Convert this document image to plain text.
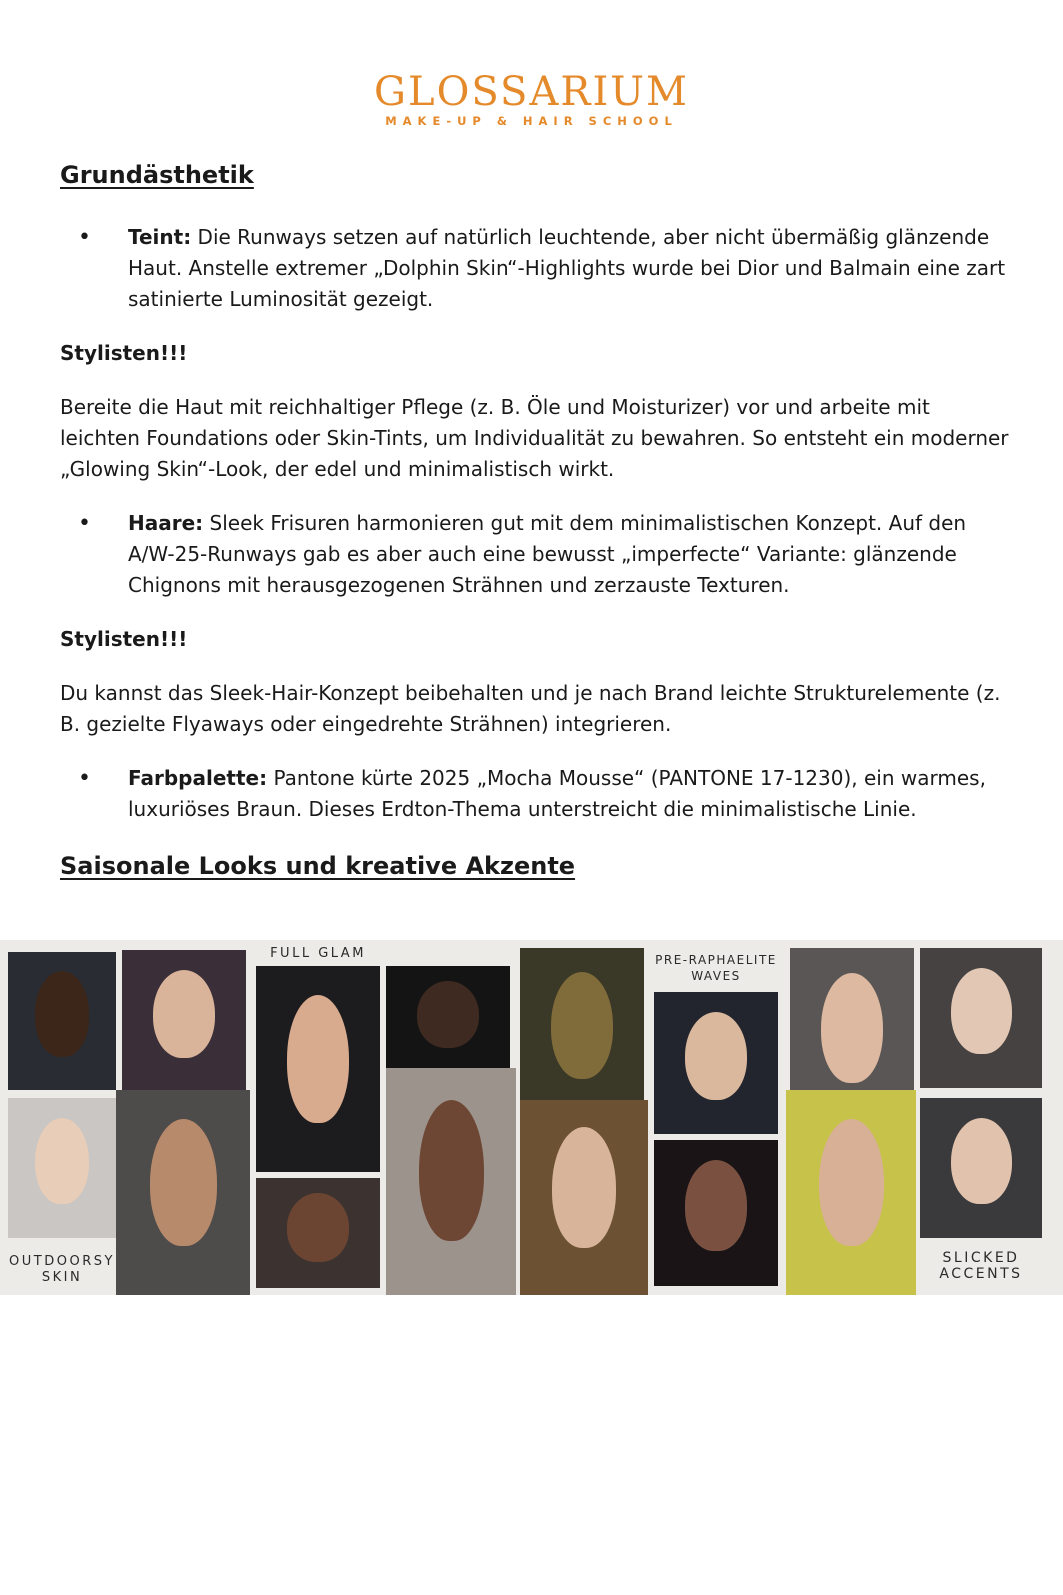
GLOSSARIUM
MAKE-UP & HAIR SCHOOL
Grundästhetik
• Teint: Die Runways setzen auf natürlich leuchtende, aber nicht übermäßig glänzende Haut. Anstelle extremer „Dolphin Skin“-Highlights wurde bei Dior und Balmain eine zart satinierte Luminosität gezeigt.
Stylisten!!!
Bereite die Haut mit reichhaltiger Pflege (z. B. Öle und Moisturizer) vor und arbeite mit leichten Foundations oder Skin-Tints, um Individualität zu bewahren. So entsteht ein moderner „Glowing Skin“-Look, der edel und minimalistisch wirkt.
• Haare: Sleek Frisuren harmonieren gut mit dem minimalistischen Konzept. Auf den A/W-25-Runways gab es aber auch eine bewusst „imperfecte“ Variante: glänzende Chignons mit herausgezogenen Strähnen und zerzauste Texturen.
Stylisten!!!
Du kannst das Sleek-Hair-Konzept beibehalten und je nach Brand leichte Strukturelemente (z. B. gezielte Flyaways oder eingedrehte Strähnen) integrieren.
• Farbpalette: Pantone kürte 2025 „Mocha Mousse“ (PANTONE 17-1230), ein warmes, luxuriöses Braun. Dieses Erdton-Thema unterstreicht die minimalistische Linie.
Saisonale Looks und kreative Akzente
FULL GLAM	PRE-RAPHAELITE
WAVES
OUTDOORSY
SKIN
SLICKED
ACCENTS
